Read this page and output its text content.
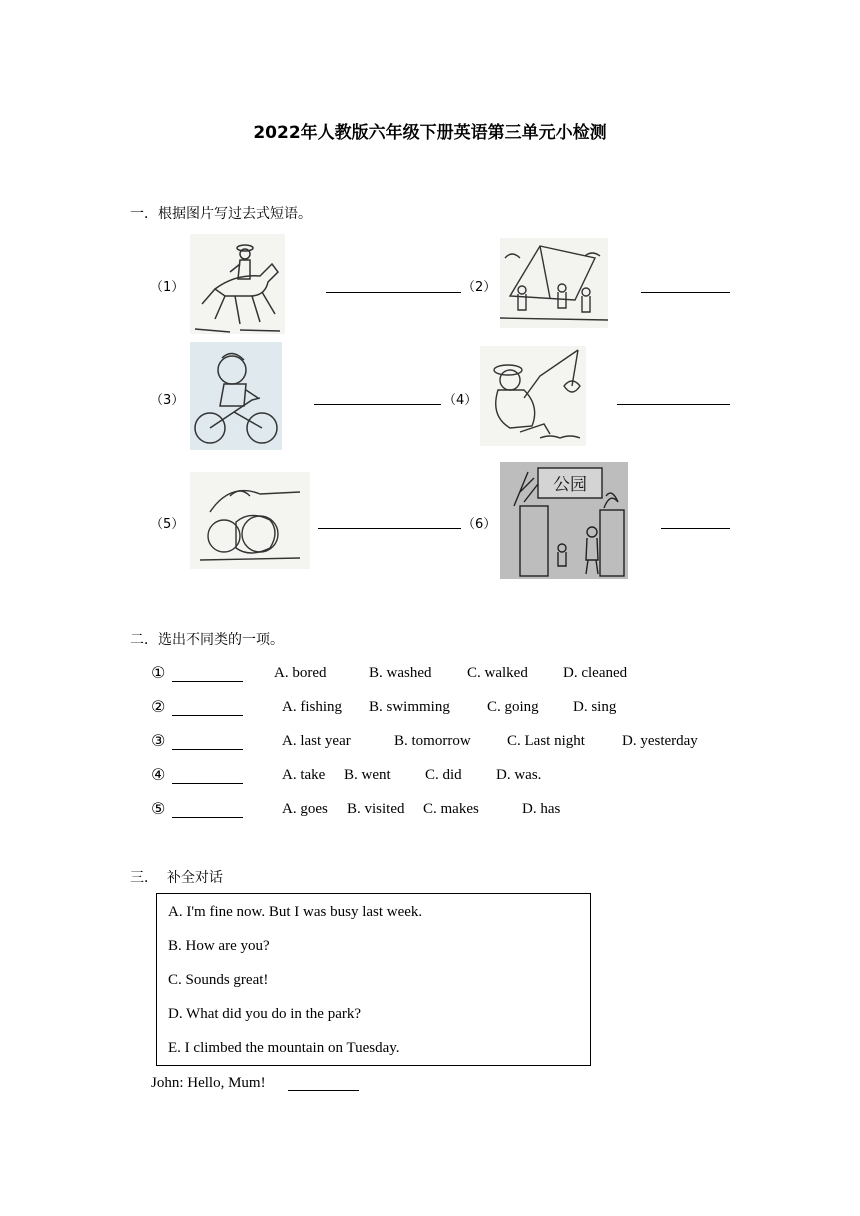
2022年人教版六年级下册英语第三单元小检测
一．根据图片写过去式短语。
（1）	（2）
（3）	（4）
（5）	（6）
公园
二．选出不同类的一项。
①	A. bored	B. washed C. walked D. cleaned
②	A. fishing B. swimming C. going D. sing
③	A. last year	B. tomorrow C. Last night D. yesterday
④	A. take B. went C. did D. was.
⑤	A. goes B. visited C. makes	D. has
三．  补全对话
A. I'm fine now. But I was busy last week.
B. How are you?
C. Sounds great!
D. What did you do in the park?
E. I climbed the mountain on Tuesday.
John: Hello, Mum!
